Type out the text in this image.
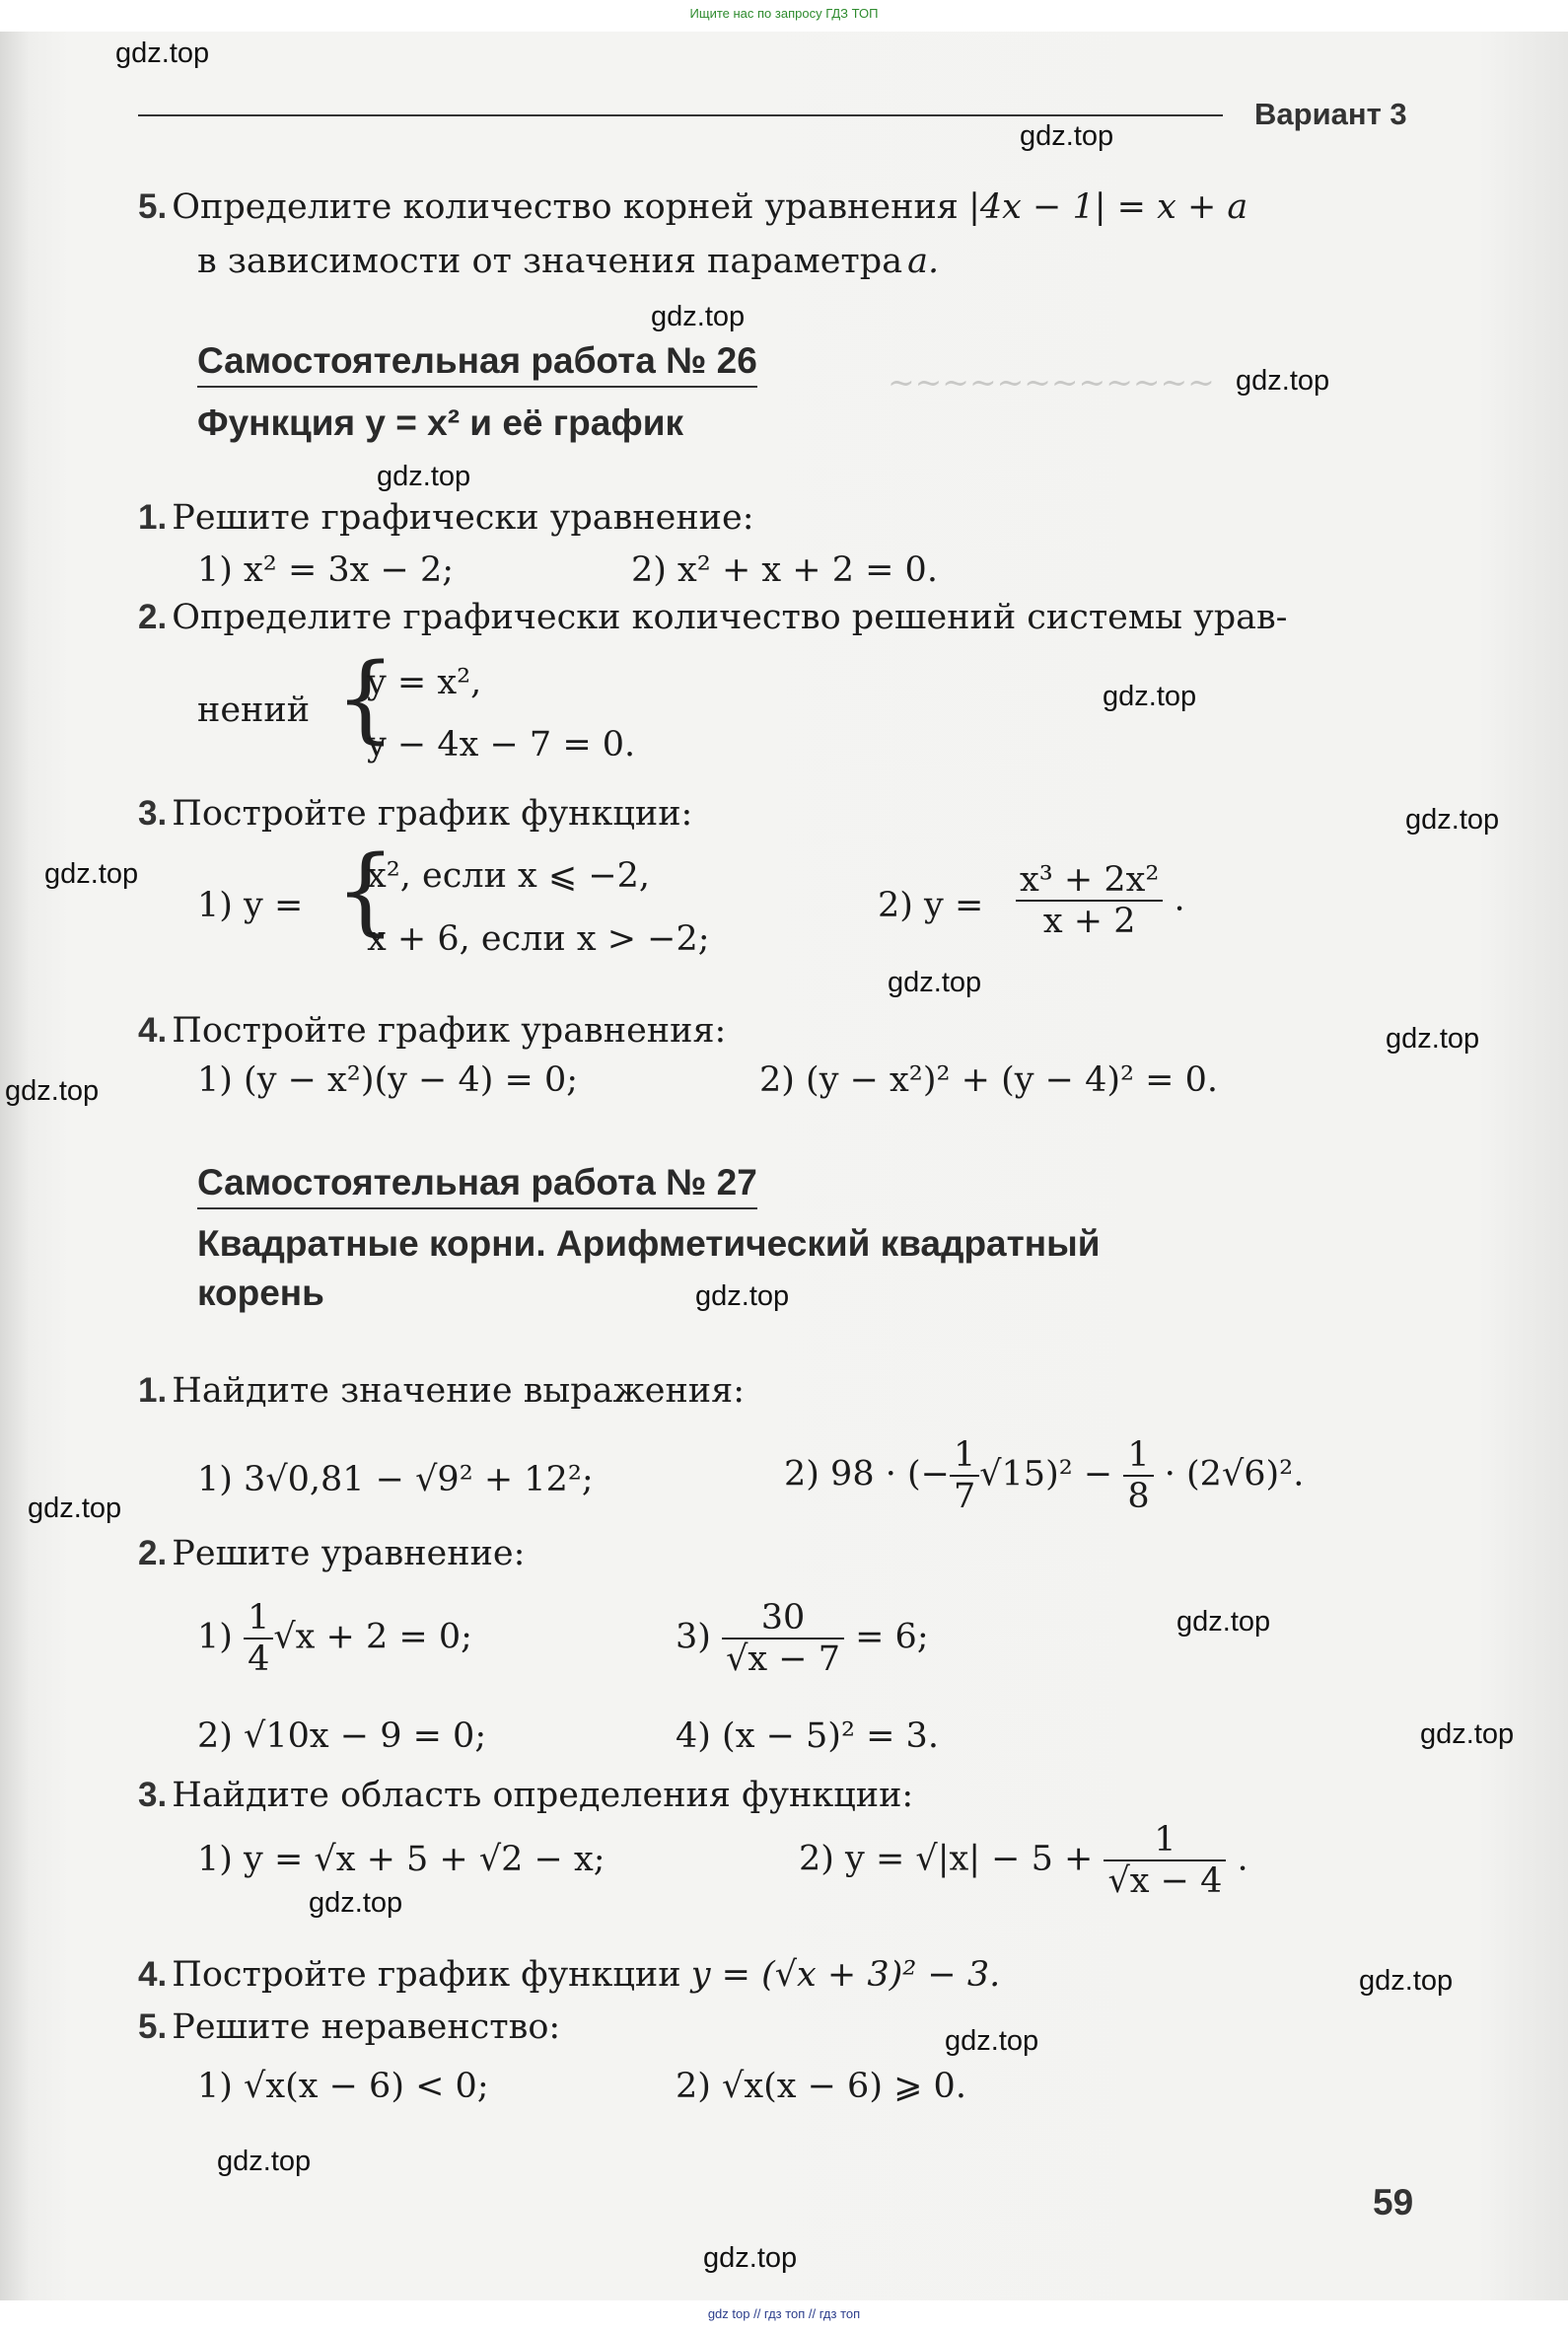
Ищите нас по запросу ГДЗ ТОП
~~~~~~~~~~~~
Вариант 3
5. Определите количество корней уравнения |4x − 1| = x + a
в зависимости от значения параметра a.
Самостоятельная работа № 26
Функция y = x² и её график
1. Решите графически уравнение:
1) x² = 3x − 2;	2) x² + x + 2 = 0.
2. Определите графически количество решений системы урав-
нений {
y = x²,
y − 4x − 7 = 0.
3. Постройте график функции:
1) y = {
x², если x ⩽ −2,
x + 6, если x > −2;
2) $y = \frac{\text{x³ + 2x²}}{x + 2}$ .
4. Постройте график уравнения:
1) (y − x²)(y − 4) = 0;	2) (y − x²)² + (y − 4)² = 0.
Самостоятельная работа № 27
Квадратные корни. Арифметический квадратный
корень
1. Найдите значение выражения:
1) 3√0,81 − √9² + 12²;	2) 98 · (− $\frac{1}{7} √15)^2 - \frac{1}{8} \cdot (2√6)^2$.
2. Решите уравнение:
$1) \frac{1}{4} √x + 2 = 0$;	$3) \frac{30}{√x - 7} = 6$;
2) √10x − 9 = 0;	4) (x − 5)² = 3.
3. Найдите область определения функции:
1) y = √x + 5 + √2 − x;	2) $y = √|x| - 5 + \frac{1}{√x - 4}$ .
4. Постройте график функции y = (√x + 3)² − 3.
5. Решите неравенство:
1) √x(x − 6) < 0;	2) √x(x − 6) ⩾ 0.
59
gdz.top
gdz.top
gdz.top
gdz.top
gdz.top
gdz.top
gdz.top
gdz.top
gdz.top
gdz.top
gdz.top
gdz.top
gdz.top
gdz.top
gdz.top
gdz.top
gdz.top
gdz.top
gdz.top
gdz.top
gdz top // гдз топ // гдз топ
